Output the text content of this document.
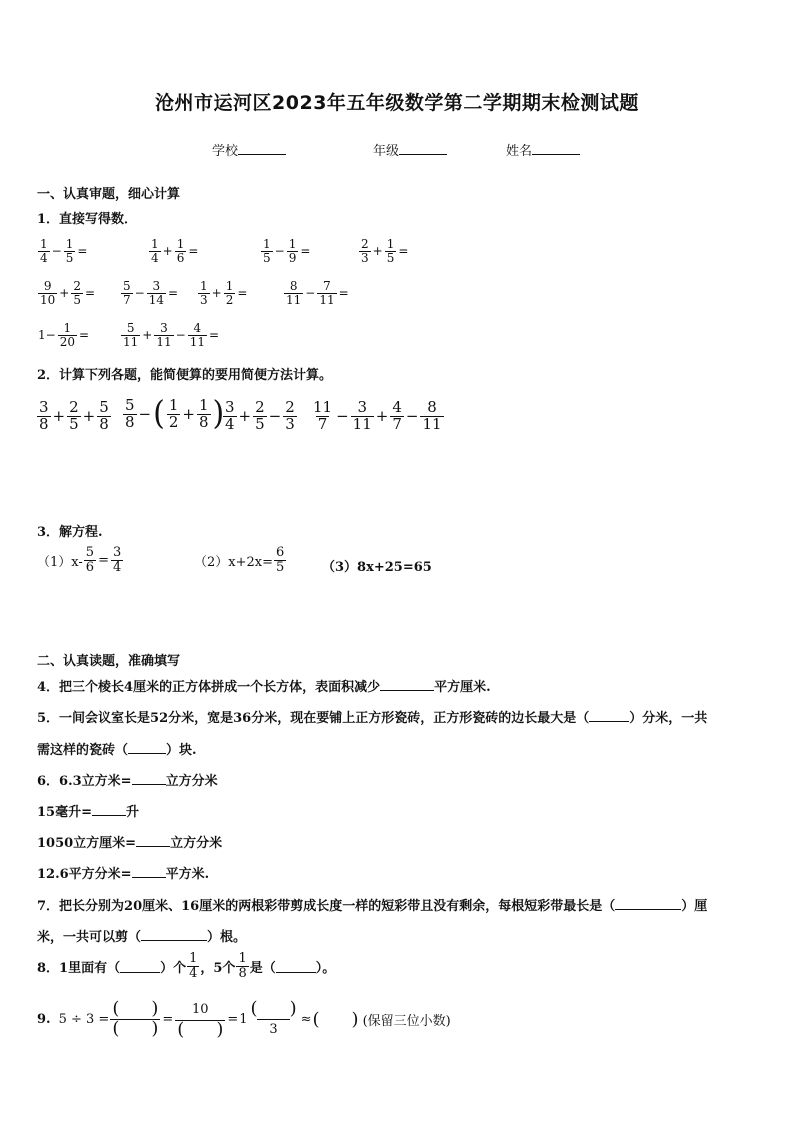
沧州市运河区2023年五年级数学第二学期期末检测试题
学校	年级	姓名
一、认真审题，细心计算
1．直接写得数．
$\frac{1}{4} - \frac{1}{5}$ =	$\frac{1}{4} + \frac{1}{6}$ =	$\frac{1}{5} - \frac{1}{9}$ =	$\frac{2}{3} + \frac{1}{5}$ =
$\frac{9}{10} + \frac{2}{5} = \frac{5}{7} - \frac{3}{14} = \frac{1}{3} + \frac{1}{2}$ =	$\frac{8}{11} - \frac{7}{11}$ =
$1- \frac{1}{20}$ =	$\frac{5}{11} + \frac{3}{11} - \frac{4}{11}$ =
2．计算下列各题，能简便算的要用简便方法计算。
$\frac{3}{8} + \frac{2}{5} + \frac{5}{8} \frac{5}{8}$ − ( $\frac{1}{2} + \frac{1}{8}$ )
$\frac{3}{4} + \frac{2}{5} - \frac{2}{3} \frac{11}{7} - \frac{3}{11} + \frac{4}{7} - \frac{8}{11}$
3．解方程.
$(1)x- \frac{5}{6} = \frac{3}{4}$	$(2)x+2x= \frac{6}{5}$	（3）8x+25=65
二、认真读题，准确填写
4．把三个棱长4厘米的正方体拼成一个长方体，表面积减少	平方厘米.
5．一间会议室长是52分米，宽是36分米，现在要铺上正方形瓷砖，正方形瓷砖的边长最大是（	）分米，一共
需这样的瓷砖（	）块.
6．6.3立方米=	立方分米
15毫升=	升
1050立方厘米=	立方分米
12.6平方分米=	平方米.
7．把长分别为20厘米、16厘米的两根彩带剪成长度一样的短彩带且没有剩余，每根短彩带最长是（	）厘
米，一共可以剪（	）根。
8．1里面有（	）个 $\frac{1}{4}$ ，5个 $\frac{1}{8}$ 是（	）。
9. $5 \div 3 = \frac{( )}{( )} = \frac{10}{( )} = 1 \frac{( )}{3}$ ≈ ( ) (保留三位小数)
